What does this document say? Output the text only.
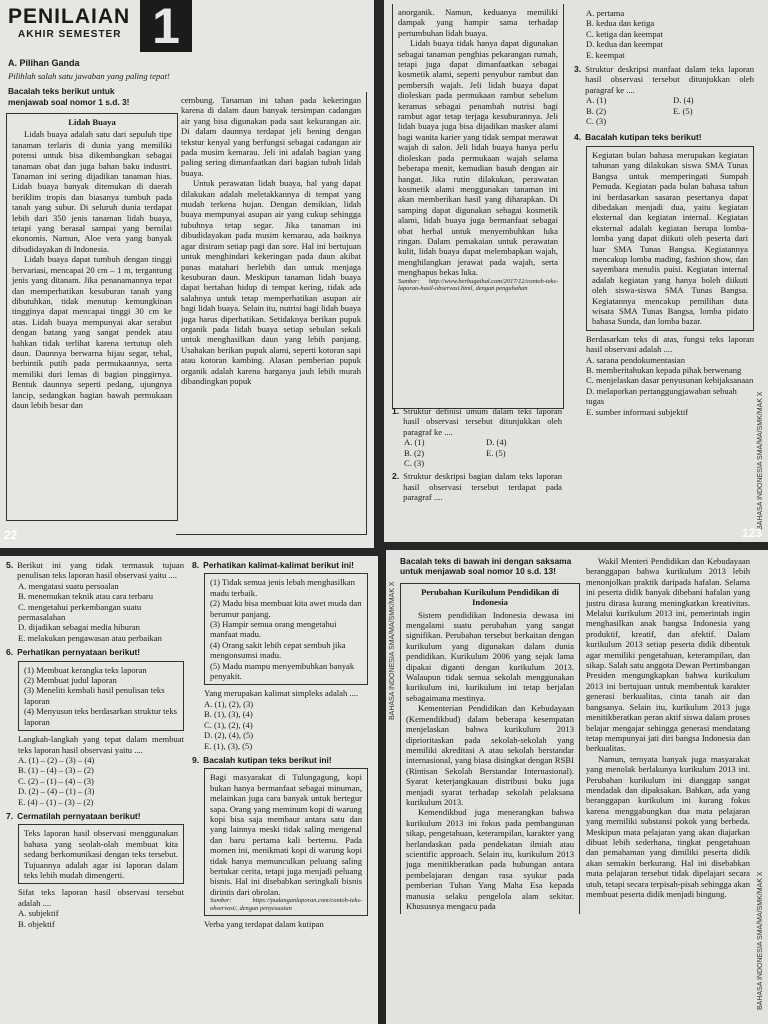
PENILAIAN
AKHIR SEMESTER 1
A. Pilihan Ganda
Pilihlah salah satu jawaban yang paling tepat!
Bacalah teks berikut untuk
menjawab soal nomor 1 s.d. 3!
Lidah Buaya

Lidah buaya adalah satu dari sepuluh tipe tanaman terlaris di dunia yang memiliki potensi untuk bisa dikembangkan sebagai tanaman obat dan juga bahan baku industri. Tanaman ini sering dijadikan tanaman hias. Lidah buaya banyak ditemukan di daerah beriklim tropis dan biasanya tumbuh pada tanah yang subur. Di seluruh dunia terdapat lebih dari 350 jenis tanaman lidah buaya, tetapi yang berasal sampai yang bernilai ekonomis. Namun, Aloe vera yang banyak dibudidayakan di Indonesia.

Lidah buaya dapat tumbuh dengan tinggi bervariasi, mencapai 20 cm – 1 m, tergantung jenis yang ditanam. Jika penanamannya tepat dan memperhatikan kesuburan tanah yang dibutuhkan, tidak menutup kemungkinan tingginya dapat mencapai tinggi 30 cm ke atas. Lidah buaya mempunyai akar serabut dengan batang yang sangat pendek atau bahkan tidak terlihat karena tertutup oleh daun. Daunnya berwarna hijau segar, tebal, berbintik putih pada permukaannya, serta memiliki duri lemas di bagian pinggirnya. Bentuk daunnya seperti pedang, ujungnya lancip, sedangkan bagian bawah permukaan daun lebih besar dan

cembung. Tanaman ini tahan pada kekeringan karena di dalam daun banyak tersimpan cadangan air yang bisa digunakan pada saat kekurangan air. Di dalam daunnya terdapat jeli bening dengan tekstur kenyal yang berfungsi sebagai cadangan air pada musim kemarau. Jeli ini adalah bagian yang paling sering dimanfaatkan dari bagian tubuh lidah buaya.

Untuk perawatan lidah buaya, hal yang dapat dilakukan adalah meletakkannya di tempat yang mudah terkena hujan. Dengan demikian, lidah buaya mempunyai asupan air yang cukup sehingga tubuhnya tetap segar. Jika tanaman ini dibudidayakan pada musim kemarau, ada baiknya agar disiram setiap pagi dan sore. Hal ini bertujuan untuk menghindari kekeringan pada daun akibat panas matahari berlebih dan untuk menjaga kesuburan daun. Meskipun tanaman lidah buaya dapat bertahan hidup di tempat kering, tidak ada salahnya untuk tetap memperhatikan asupan air bagi lidah buaya. Selain itu, nutrisi bagi lidah buaya juga harus diperhatikan. Setidaknya berikan pupuk organik pada lidah buaya setiap sebulan sekali untuk menghasilkan daun yang lebih panjang. Usahakan berikan pupuk alami, seperti kotoran sapi atau kotoran kambing. Alasan pemberian pupuk organik adalah karena harganya jauh lebih murah dibandingkan pupuk

22

anorganik. Namun, keduanya memiliki dampak yang hampir sama terhadap pertumbuhan lidah buaya.

Lidah buaya tidak hanya dapat digunakan sebagai tanaman penghias pekarangan rumah, tetapi juga dapat dimanfaatkan sebagai kosmetik alami, seperti penyubur rambut dan pembersih wajah. Jeli lidah buaya dapat dioleskan pada permukaan rambut sebelum keramas sebagai penambah nutrisi bagi rambut agar tetap terjaga kesuburannya. Jeli lidah buaya juga bisa dijadikan masker alami bagi wanita karier yang tidak sempat merawat wajah di salon. Jeli lidah buaya hanya perlu dioleskan pada permukaan wajah selama beberapa menit, kemudian basuh dengan air hangat. Jika rutin dilakukan, perawatan kosmetik alami menggunakan tanaman ini akan memberikan hasil yang diharapkan. Di samping dapat digunakan sebagai kosmetik alami, lidah buaya juga bermanfaat sebagai obat herbal untuk menyembuhkan luka ringan. Dalam pemakaian untuk perawatan kulit, lidah buaya dapat melembapkan wajah, menghilangkan jerawat pada wajah, serta menghapus bekas luka.

Sumber: http://www.berbagaihal.com/2017/12/contoh-teks-laporan-hasil-observasi.html, dengan pengubahan

1. Struktur definisi umum dalam teks laporan hasil observasi tersebut ditunjukkan oleh paragraf ke ....
A. (1)	D. (4)
B. (2)	E. (5)
C. (3)
2. Struktur deskripsi bagian dalam teks laporan hasil observasi tersebut terdapat pada paragraf ....
A. pertama
B. kedua dan ketiga
C. ketiga dan keempat
D. kedua dan keempat
E. keempat
3. Struktur deskripsi manfaat dalam teks laporan hasil observasi tersebut ditunjukkan oleh paragraf ke ....
A. (1)	D. (4)
B. (2)	E. (5)
C. (3)
4. Bacalah kutipan teks berikut!

Kegiatan bulan bahasa merupakan kegiatan tahunan yang dilakukan siswa SMA Tunas Bangsa untuk memperingati Sumpah Pemuda. Kegiatan pada bulan bahasa tahun ini berdasarkan sasaran pesertanya dapat dibedakan menjadi dua, yaitu kegiatan eksternal dan kegiatan internal. Kegiatan eksternal adalah kegiatan berupa lomba-lomba yang dapat diikuti oleh peserta dari luar SMA Tunas Bangsa. Kegiatannya mencakup lomba mading, fashion show, dan sayembara menulis puisi. Kegiatan internal adalah kegiatan yang hanya boleh diikuti oleh siswa-siswa SMA Tunas Bangsa. Kegiatannya mencakup pemilihan duta wisata SMA Tunas Bangsa, lomba pidato bahasa Sunda, dan lomba bazar.

Berdasarkan teks di atas, fungsi teks laporan hasil observasi adalah ....

A. sarana pendokumentasian
B. memberitahukan kepada pihak berwenang
C. menjelaskan dasar penyusunan kebijaksanaan
D. melaporkan pertanggungjawaban sebuah tugas
E. sumber informasi subjektif	BAHASA INDONESIA SMA/MA/SMK/MAK X
123
5. Berikut ini yang tidak termasuk tujuan penulisan teks laporan hasil observasi yaitu ....
A. mengatasi suatu persoalan
B. menemukan teknik atau cara terbaru
C. mengetahui perkembangan suatu permasalahan
D. dijadikan sebagai media hiburan
E. melakukan pengawasan atau perbaikan
6. Perhatikan pernyataan berikut!
(1) Membuat kerangka teks laporan
(2) Membuat judul laporan
(3) Meneliti kembali hasil penulisan teks laporan
(4) Menyusun teks berdasarkan struktur teks laporan

Langkah-langkah yang tepat dalam membuat teks laporan hasil observasi yaitu ....

A. (1) – (2) – (3) – (4)
B. (1) – (4) – (3) – (2)
C. (2) – (1) – (4) – (3)
D. (2) – (4) – (1) – (3)
E. (4) – (1) – (3) – (2)
7. Cermatilah pernyataan berikut!

Teks laporan hasil observasi menggunakan bahasa yang seolah-olah membuat kita sedang berkomunikasi dengan teks tersebut. Tujuannya adalah agar isi laporan dalam teks lebih mudah dimengerti.

Sifat teks laporan hasil observasi tersebut adalah ....

A. subjektif
B. objektif
8. Perhatikan kalimat-kalimat berikut ini!
(1) Tidak semua jenis lebah menghasilkan madu terbaik.
(2) Madu bisa membuat kita awet muda dan berumur panjang.
(3) Hampir semua orang mengetahui manfaat madu.
(4) Orang sakit lebih cepat sembuh jika mengonsumsi madu.
(5) Madu mampu menyembuhkan banyak penyakit.

Yang merupakan kalimat simpleks adalah ....

A. (1), (2), (3)
B. (1), (3), (4)
C. (1), (2), (4)
D. (2), (4), (5)
E. (1), (3), (5)
9. Bacalah kutipan teks berikut ini!

Bagi masyarakat di Tulungagung, kopi bukan hanya bermanfaat sebagai minuman, melainkan juga cara banyak untuk bertegur sapa. Orang yang meminum kopi di warung kopi bisa saja membaur antara satu dan yang lainnya meski tidak saling mengenal dan baru pertama kali bertemu. Pada momen ini, menikmati kopi di warung kopi tidak hanya memunculkan peluang saling bertukar cerita, tetapi juga menjadi peluang bisnis. Hal ini disebabkan seringkali bisnis dirintis dari obrolan.

Sumber: https://pudanganlaporan.com/contoh-teks-observasi/, dengan penyesuaian

Verba yang terdapat dalam kutipan

BAHASA INDONESIA SMA/MA/SMK/MAK X
Bacalah teks di bawah ini dengan saksama
untuk menjawab soal nomor 10 s.d. 13!
Perubahan Kurikulum Pendidikan di Indonesia

Sistem pendidikan Indonesia dewasa ini mengalami suatu perubahan yang sangat signifikan. Perubahan tersebut berkaitan dengan kurikulum yang digunakan dalam dunia pendidikan. Kurikulum 2006 yang sejak lama dipakai diganti dengan kurikulum 2013. Walaupun tidak semua sekolah menggunakan kurikulum ini, kurikulum ini tetap berjalan sebagaimana mestinya.

Kementerian Pendidikan dan Kebudayaan (Kemendikbud) dalam beberapa kesempatan menjelaskan bahwa kurikulum 2013 diprioritaskan pada sekolah-sekolah yang memiliki akreditasi A atau sekolah berstandar internasional, yang biasa disingkat dengan RSBI (Rintisan Sekolah Berstandar Internasional). Syarat keterjangkauan distribusi buku juga menjadi syarat terhadap sekolah pelaksana kurikulum 2013.

Kemendikbud juga menerangkan bahwa kurikulum 2013 ini fokus pada pembangunan sikap, pengetahuan, keterampilan, karakter yang berlandaskan pada pendekatan ilmiah atau scientific approach. Selain itu, kurikulum 2013 juga menitikberatkan pada hubungan antara pembelajaran dengan rasa syukur pada pemberian Tuhan Yang Maha Esa kepada manusia selaku pengelola alam sekitar. Khususnya mengacu pada

Wakil Menteri Pendidikan dan Kebudayaan beranggapan bahwa kurikulum 2013 lebih menonjolkan praktik daripada hafalan. Selama ini peserta didik banyak dibebani hafalan yang justru dirasa kurang meningkatkan kreativitas. Melalui kurikulum 2013 ini, pemerintah ingin menghasilkan anak bangsa Indonesia yang produktif, kreatif, dan afektif. Dalam kurikulum 2013 setiap peserta didik dibentuk agar memiliki pengetahuan, keterampilan, dan sikap. Salah satu anggota Dewan Pertimbangan Presiden mengungkapkan bahwa kurikulum 2013 ini bertujuan untuk membentuk karakter generasi berkualitas, cinta tanah air dan bangsanya. Selain itu, kurikulum 2013 juga menitikberatkan peran aktif siswa dalam proses belajar mengajar sehingga generasi mendatang tetap mempunyai jati diri bangsa Indonesia dan berkualitas.

Namun, ternyata banyak juga masyarakat yang menolak berlakunya kurikulum 2013 ini. Perubahan kurikulum ini dianggap sangat mendadak dan dipaksakan. Bahkan, ada yang beranggapan kurikulum ini kurang fokus karena menggabungkan dua mata pelajaran yang memiliki substansi pokok yang berbeda. Meskipun mata pelajaran yang akan diajarkan dibuat lebih sederhana, tingkat pengetahuan dan pemahaman yang dimiliki peserta didik akan semakin berkurang. Hal ini disebabkan mata pelajaran tersebut tidak dipelajari secara utuh, tetapi secara terpisah-pisah sehingga akan membuat peserta didik menjadi bingung.	BAHASA INDONESIA SMA/MA/SMK/MAK X
